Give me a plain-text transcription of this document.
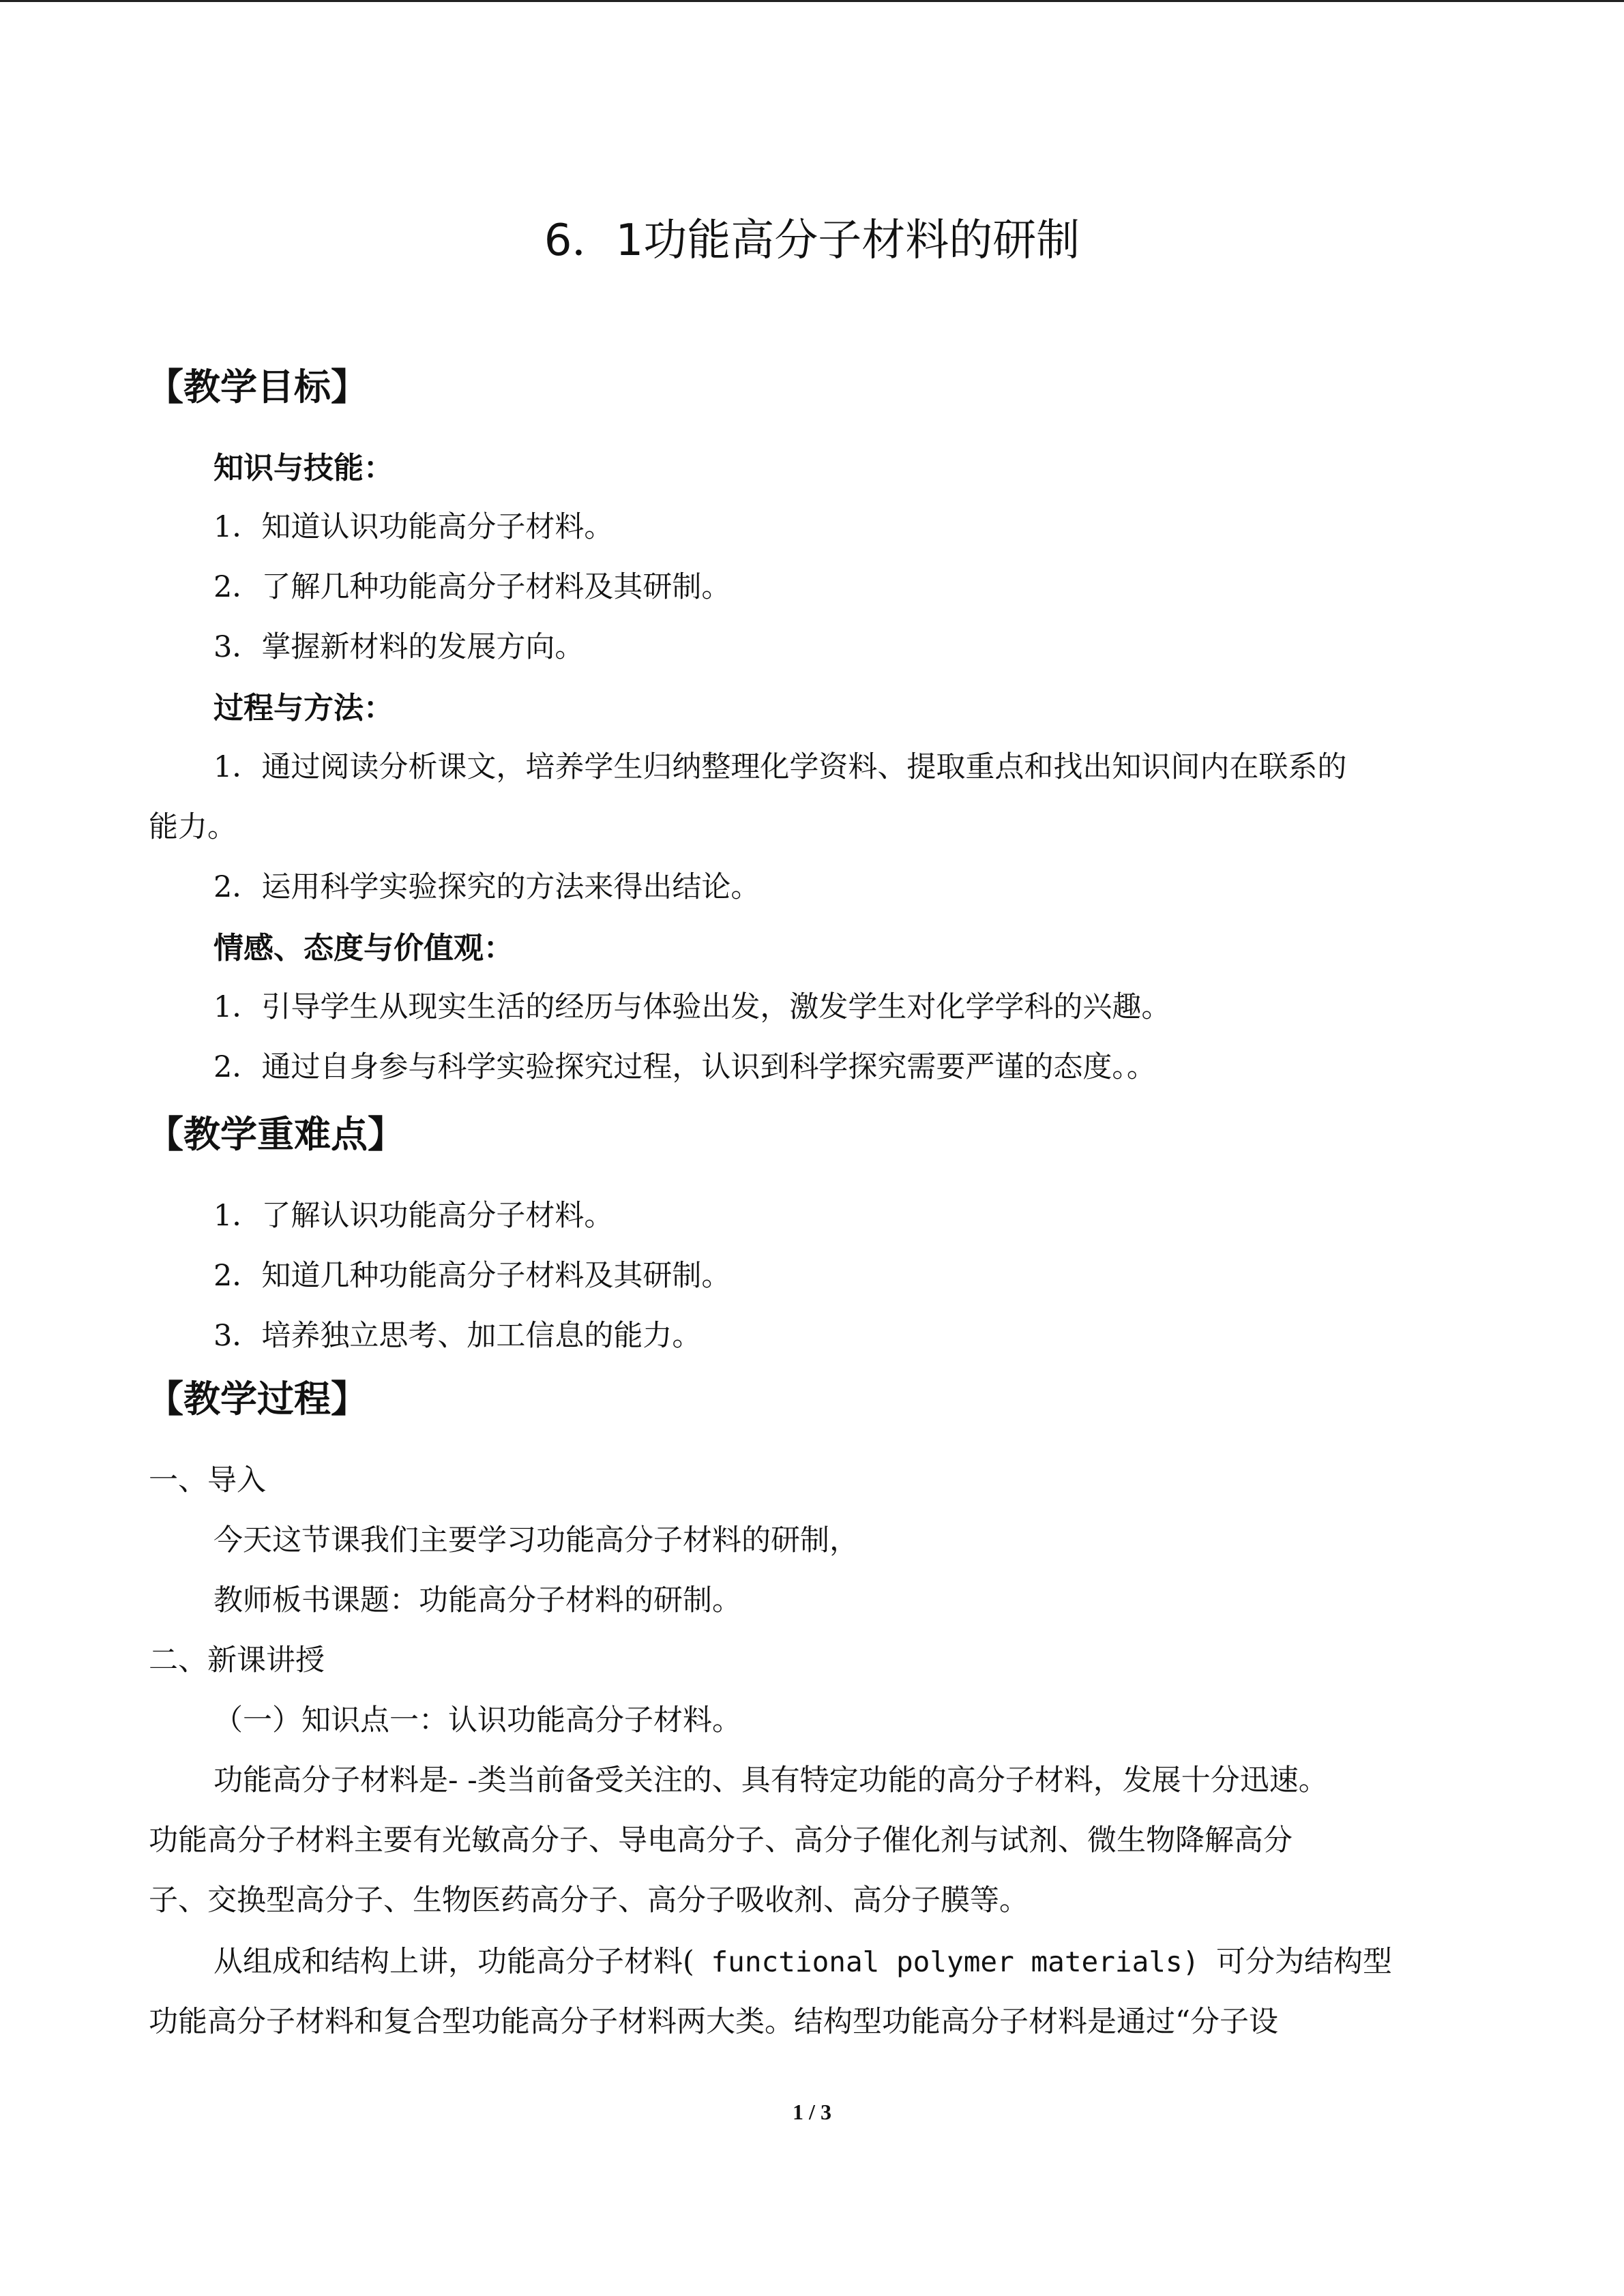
6．1功能高分子材料的研制
【教学目标】
知识与技能：
1．知道认识功能高分子材料。
2．了解几种功能高分子材料及其研制。
3．掌握新材料的发展方向。
过程与方法：
1．通过阅读分析课文，培养学生归纳整理化学资料、提取重点和找出知识间内在联系的
能力。
2．运用科学实验探究的方法来得出结论。
情感、态度与价值观：
1．引导学生从现实生活的经历与体验出发，激发学生对化学学科的兴趣。
2．通过自身参与科学实验探究过程，认识到科学探究需要严谨的态度。。
【教学重难点】
1．了解认识功能高分子材料。
2．知道几种功能高分子材料及其研制。
3．培养独立思考、加工信息的能力。
【教学过程】
一、导入
今天这节课我们主要学习功能高分子材料的研制，
教师板书课题：功能高分子材料的研制。
二、新课讲授
（一）知识点一：认识功能高分子材料。
功能高分子材料是- -类当前备受关注的、具有特定功能的高分子材料，发展十分迅速。
功能高分子材料主要有光敏高分子、导电高分子、高分子催化剂与试剂、微生物降解高分
子、交换型高分子、生物医药高分子、高分子吸收剂、高分子膜等。
从组成和结构上讲，功能高分子材料( functional polymer materials) 可分为结构型
功能高分子材料和复合型功能高分子材料两大类。结构型功能高分子材料是通过“分子设
1 / 3
